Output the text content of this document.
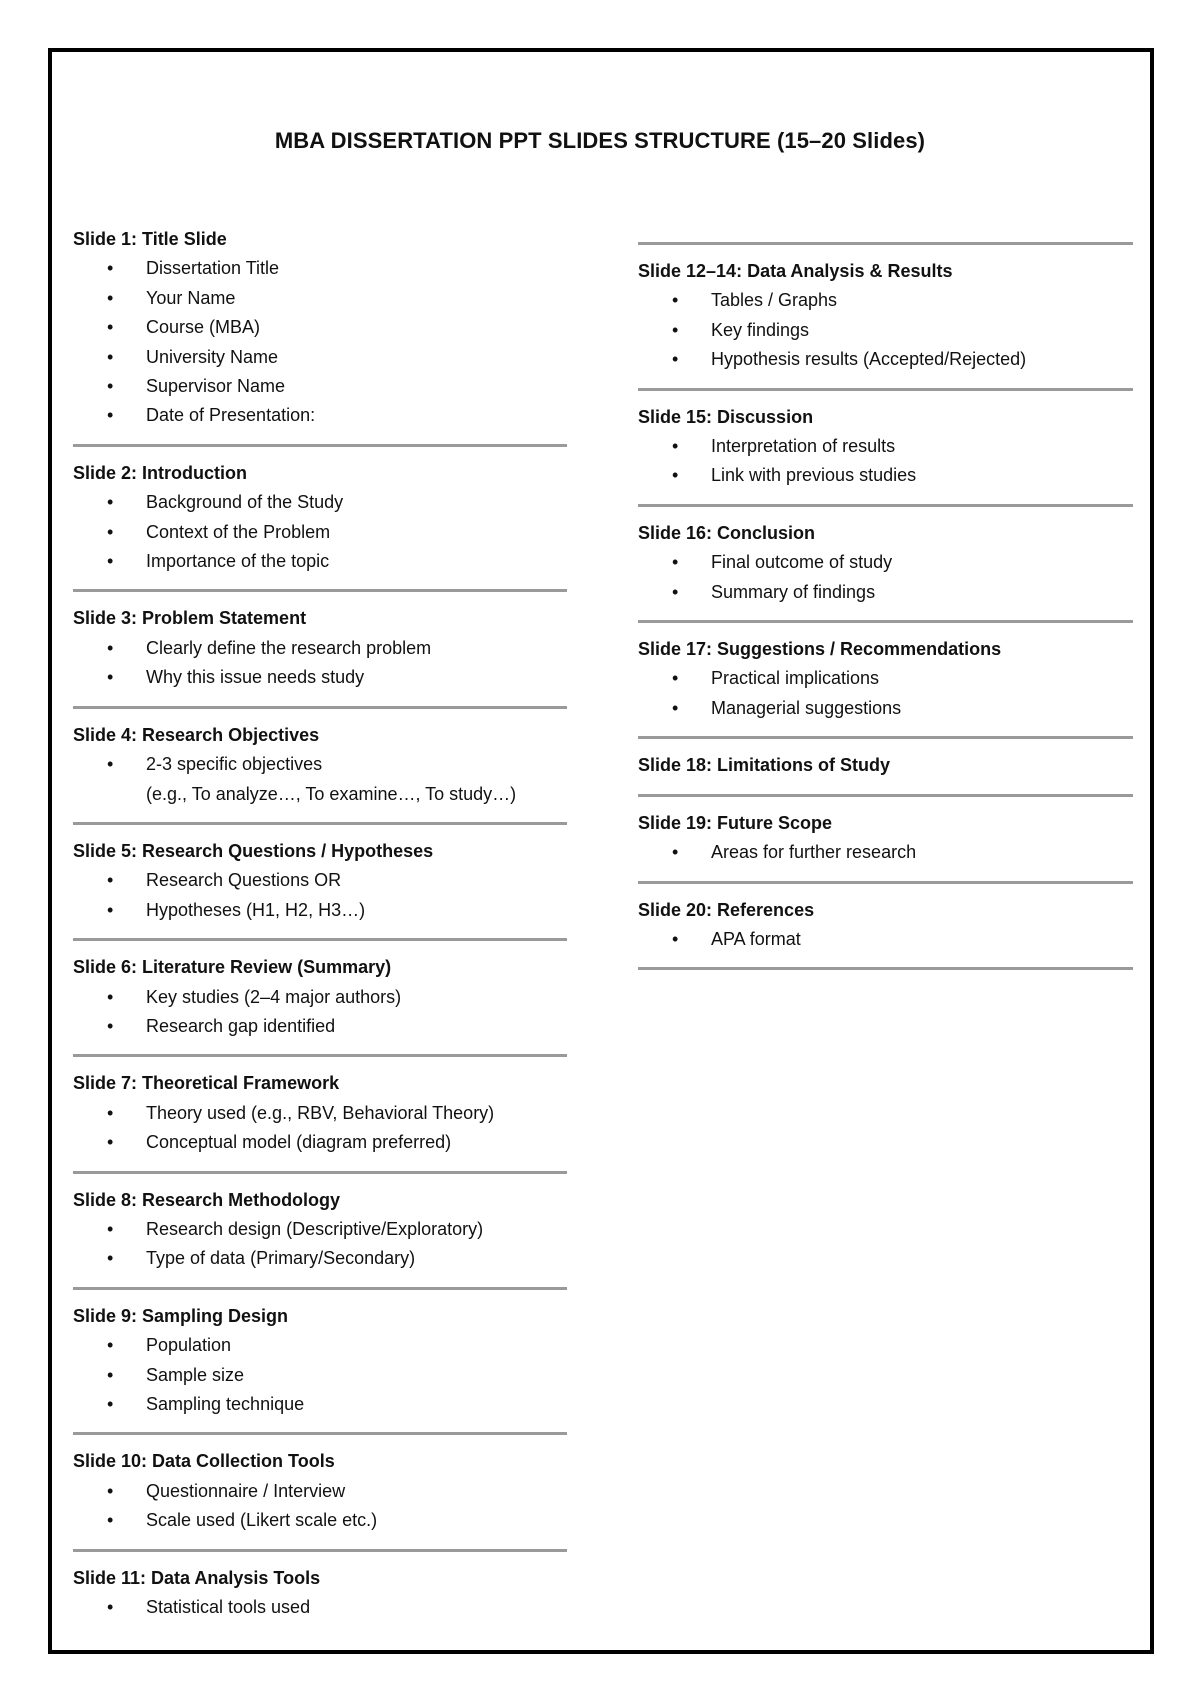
MBA DISSERTATION PPT SLIDES STRUCTURE (15–20 Slides)
Slide 1: Title Slide
• Dissertation Title
• Your Name
• Course (MBA)
• University Name
• Supervisor Name
• Date of Presentation:
Slide 2: Introduction
• Background of the Study
• Context of the Problem
• Importance of the topic
Slide 3: Problem Statement
• Clearly define the research problem
• Why this issue needs study
Slide 4: Research Objectives
• 2-3 specific objectives
(e.g., To analyze…, To examine…, To study…)
Slide 5: Research Questions / Hypotheses
• Research Questions OR
• Hypotheses (H1, H2, H3…)
Slide 6: Literature Review (Summary)
• Key studies (2–4 major authors)
• Research gap identified
Slide 7: Theoretical Framework
• Theory used (e.g., RBV, Behavioral Theory)
• Conceptual model (diagram preferred)
Slide 8: Research Methodology
• Research design (Descriptive/Exploratory)
• Type of data (Primary/Secondary)
Slide 9: Sampling Design
• Population
• Sample size
• Sampling technique
Slide 10: Data Collection Tools
• Questionnaire / Interview
• Scale used (Likert scale etc.)
Slide 11: Data Analysis Tools
• Statistical tools used
Slide 12–14: Data Analysis & Results
• Tables / Graphs
• Key findings
• Hypothesis results (Accepted/Rejected)
Slide 15: Discussion
• Interpretation of results
• Link with previous studies
Slide 16: Conclusion
• Final outcome of study
• Summary of findings
Slide 17: Suggestions / Recommendations
• Practical implications
• Managerial suggestions
Slide 18: Limitations of Study
Slide 19: Future Scope
• Areas for further research
Slide 20: References
• APA format
